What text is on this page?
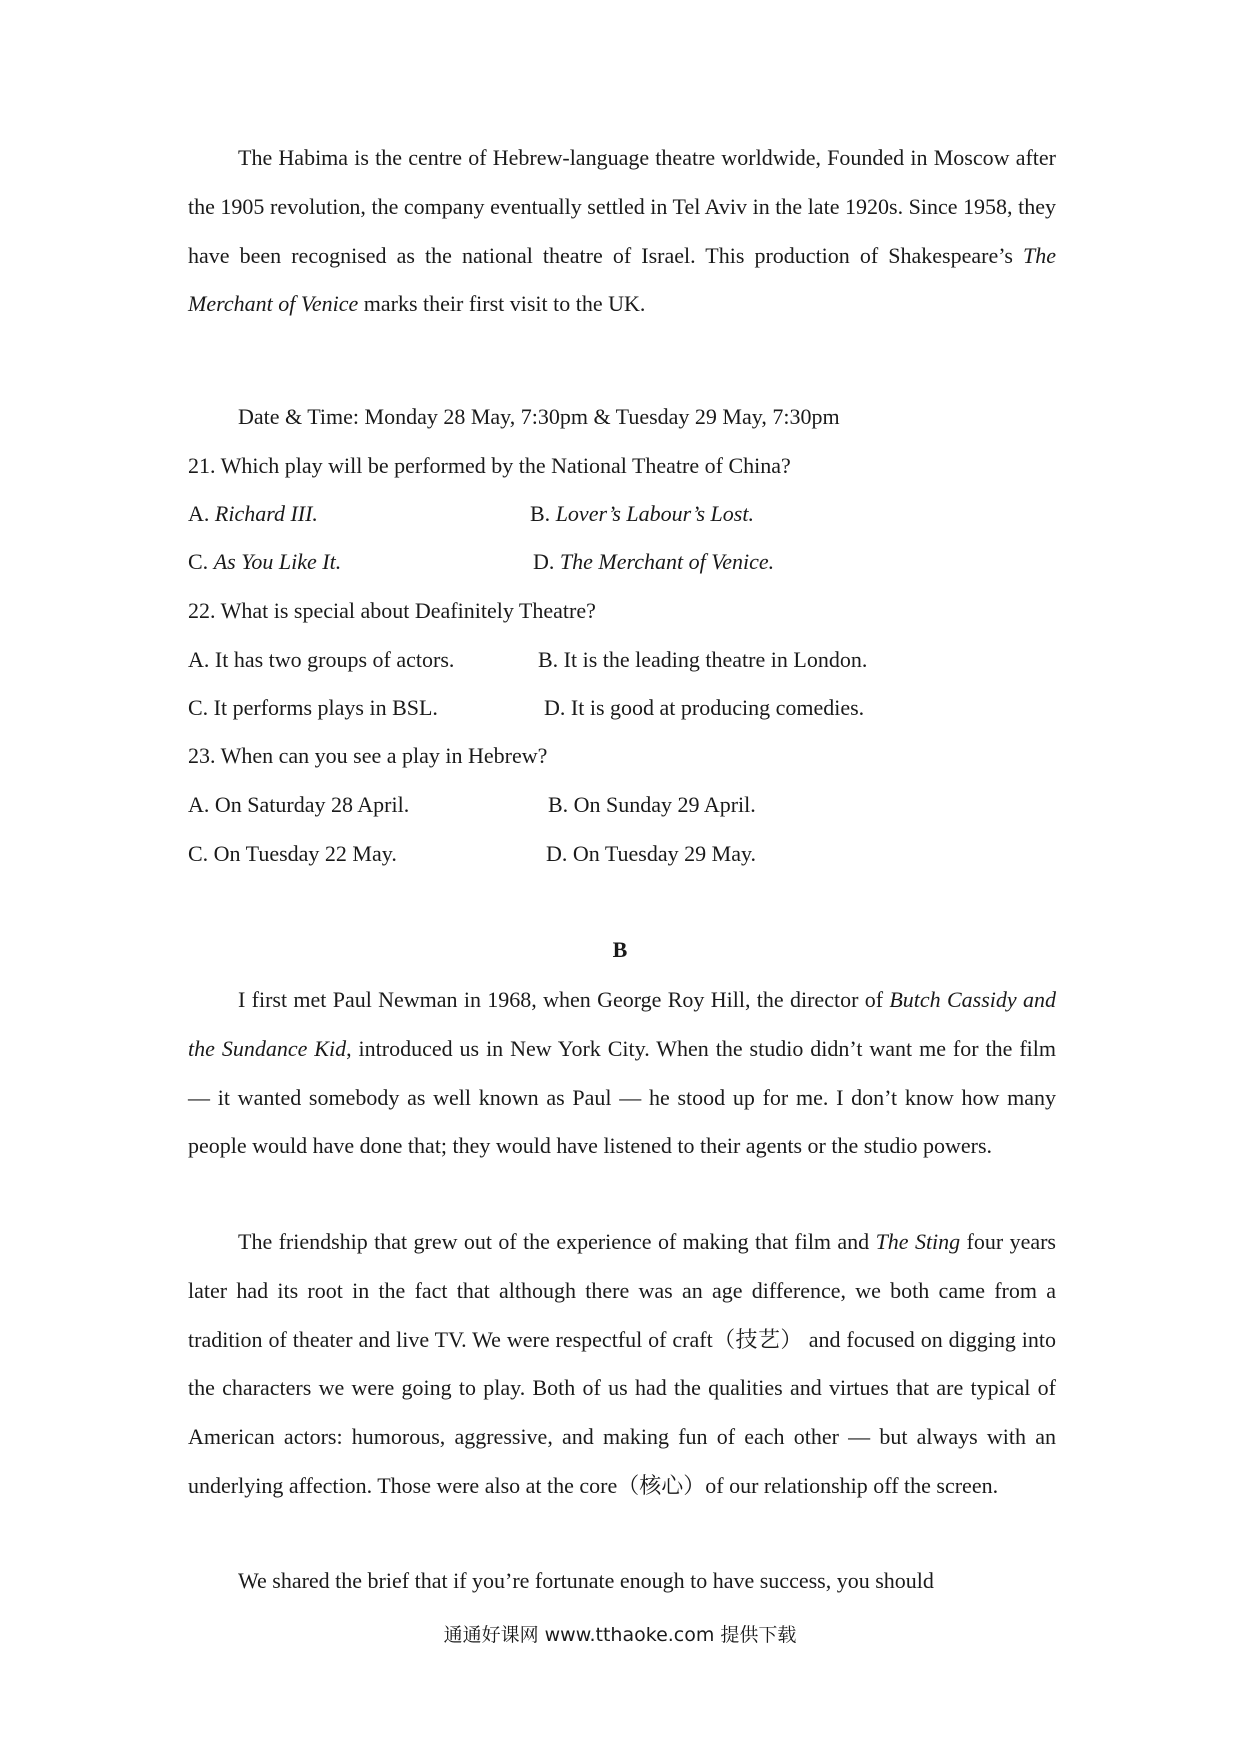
The Habima is the centre of Hebrew-language theatre worldwide, Founded in Moscow after the 1905 revolution, the company eventually settled in Tel Aviv in the late 1920s. Since 1958, they have been recognised as the national theatre of Israel. This production of Shakespeare’s The Merchant of Venice marks their first visit to the UK.

Date & Time: Monday 28 May, 7:30pm & Tuesday 29 May, 7:30pm
21. Which play will be performed by the National Theatre of China?
A. Richard III.	B. Lover’s Labour’s Lost.
C. As You Like It.	D. The Merchant of Venice.
22. What is special about Deafinitely Theatre?
A. It has two groups of actors.	B. It is the leading theatre in London.
C. It performs plays in BSL.	D. It is good at producing comedies.
23. When can you see a play in Hebrew?
A. On Saturday 28 April.	B. On Sunday 29 April.
C. On Tuesday 22 May.	D. On Tuesday 29 May.
B

I first met Paul Newman in 1968, when George Roy Hill, the director of Butch Cassidy and the Sundance Kid, introduced us in New York City. When the studio didn’t want me for the film — it wanted somebody as well known as Paul — he stood up for me. I don’t know how many people would have done that; they would have listened to their agents or the studio powers.

The friendship that grew out of the experience of making that film and The Sting four years later had its root in the fact that although there was an age difference, we both came from a tradition of theater and live TV. We were respectful of craft（技艺） and focused on digging into the characters we were going to play. Both of us had the qualities and virtues that are typical of American actors: humorous, aggressive, and making fun of each other — but always with an underlying affection. Those were also at the core（核心）of our relationship off the screen.

We shared the brief that if you’re fortunate enough to have success, you should

通通好课网 www.tthaoke.com 提供下载
